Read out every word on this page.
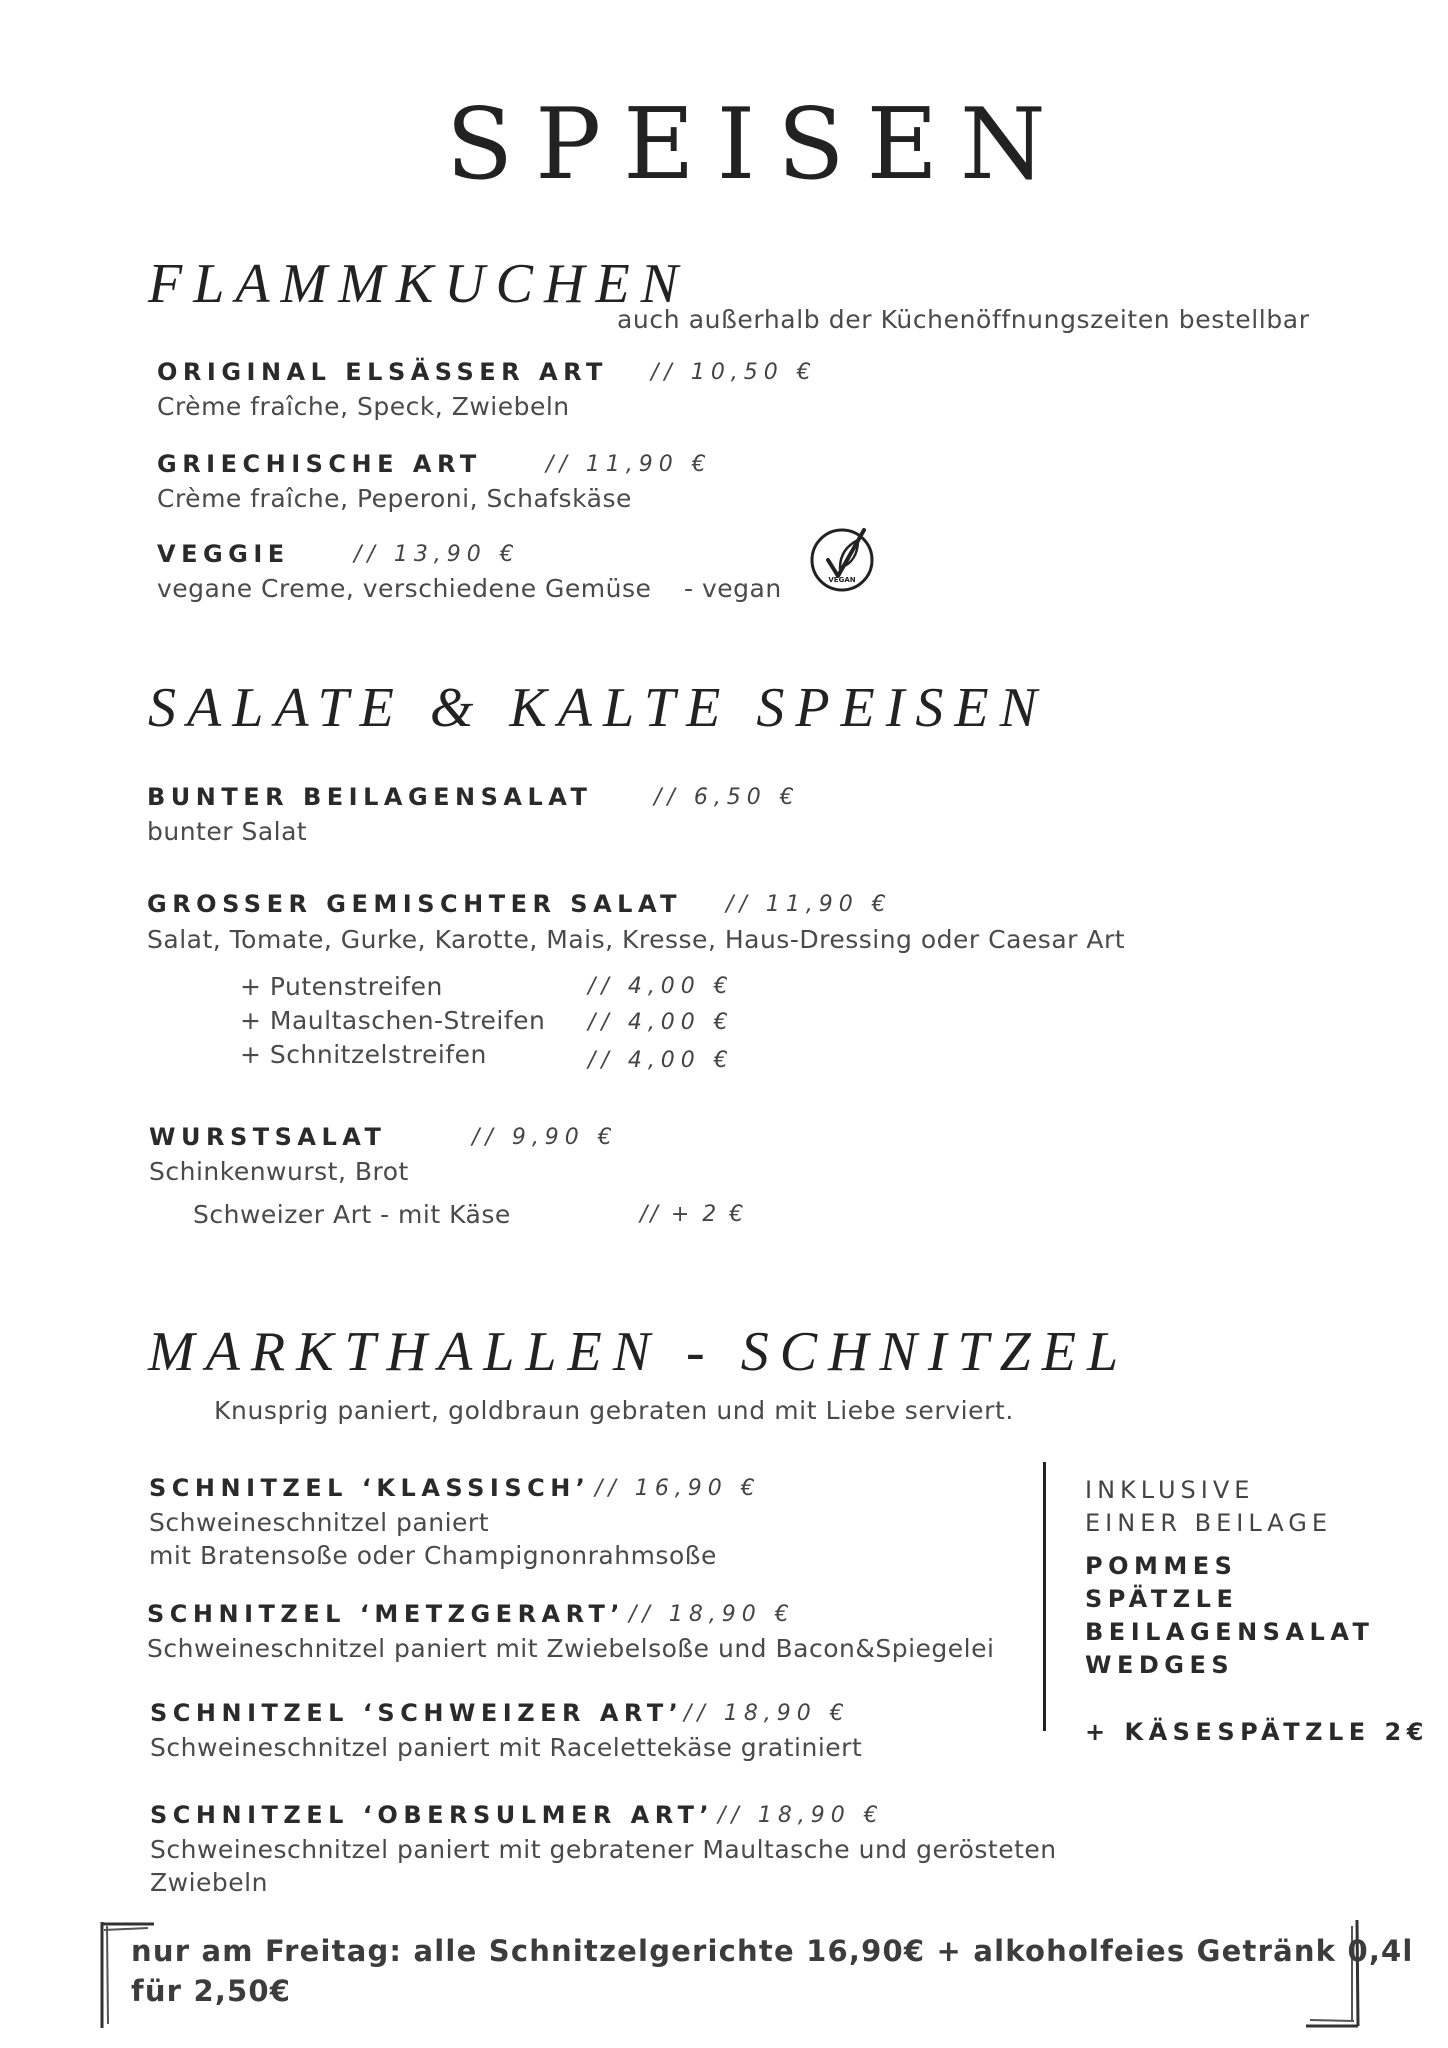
SPEISEN
FLAMMKUCHEN
auch außerhalb der Küchenöffnungszeiten bestellbar
ORIGINAL ELSÄSSER ART // 10,50 €
Crème fraîche, Speck, Zwiebeln
GRIECHISCHE ART	// 11,90 €
Crème fraîche, Peperoni, Schafskäse
VEGGIE	// 13,90 €
vegane Creme, verschiedene Gemüse - vegan	VEGAN
SALATE & KALTE SPEISEN
BUNTER BEILAGENSALAT	// 6,50 €
bunter Salat
GROSSER GEMISCHTER SALAT // 11,90 €
Salat, Tomate, Gurke, Karotte, Mais, Kresse, Haus-Dressing oder Caesar Art
+ Putenstreifen	// 4,00 €
+ Maultaschen-Streifen // 4,00 €
+ Schnitzelstreifen	// 4,00 €
WURSTSALAT	// 9,90 €
Schinkenwurst, Brot
Schweizer Art - mit Käse	// + 2 €
MARKTHALLEN - SCHNITZEL
Knusprig paniert, goldbraun gebraten und mit Liebe serviert.
SCHNITZEL ‘KLASSISCH’ // 16,90 €
Schweineschnitzel paniert
mit Bratensoße oder Champignonrahmsoße
SCHNITZEL ‘METZGERART’ // 18,90 €
Schweineschnitzel paniert mit Zwiebelsoße und Bacon&Spiegelei
SCHNITZEL ‘SCHWEIZER ART’ // 18,90 €
Schweineschnitzel paniert mit Racelettekäse gratiniert
SCHNITZEL ‘OBERSULMER ART’ // 18,90 €
Schweineschnitzel paniert mit gebratener Maultasche und gerösteten
Zwiebeln
INKLUSIVE
EINER BEILAGE
POMMES
SPÄTZLE
BEILAGENSALAT
WEDGES
+ KÄSESPÄTZLE 2€
nur am Freitag: alle Schnitzelgerichte 16,90€ + alkoholfeies Getränk 0,4l
für 2,50€
